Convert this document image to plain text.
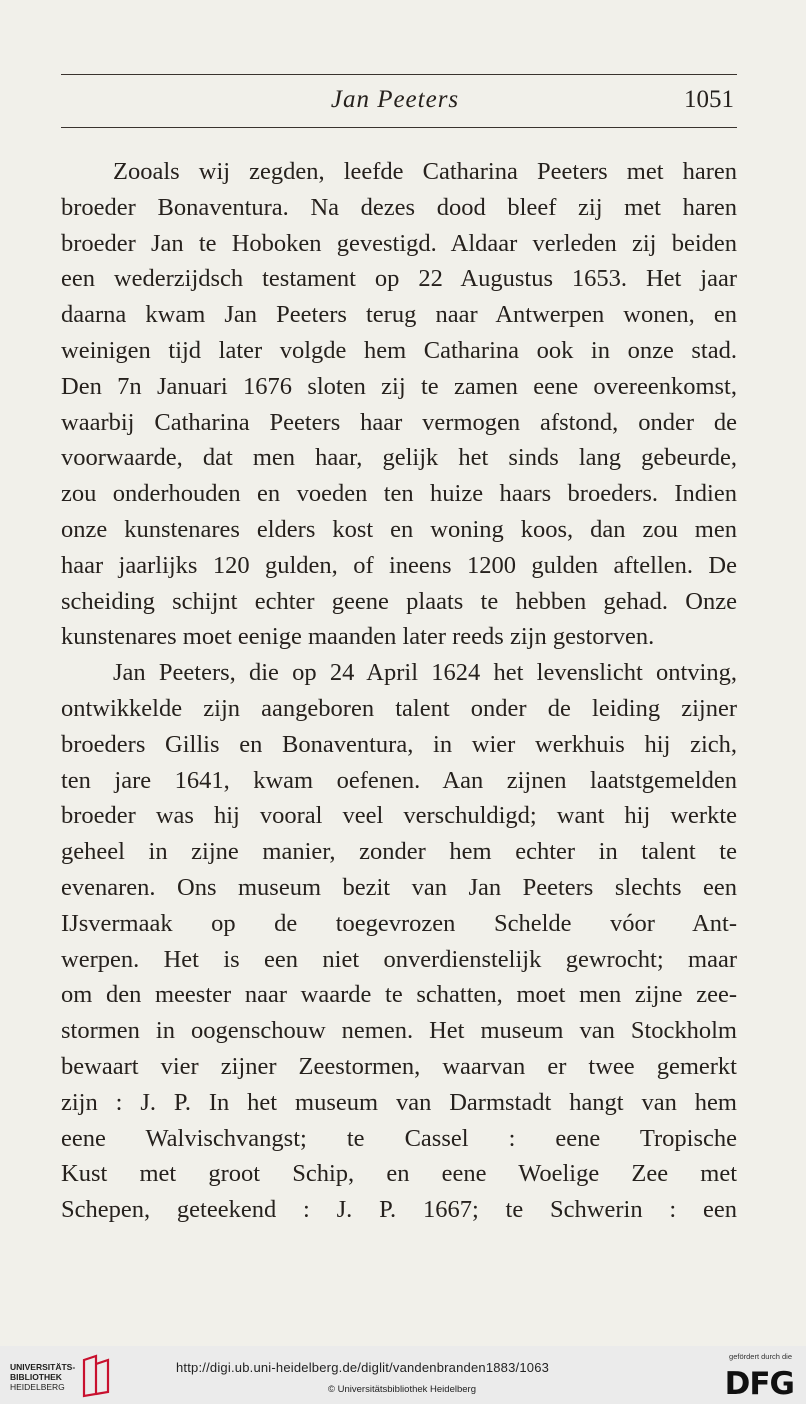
Jan Peeters	1051
Zooals wij zegden, leefde Catharina Peeters met haren
broeder Bonaventura. Na dezes dood bleef zij met haren
broeder Jan te Hoboken gevestigd. Aldaar verleden zij beiden
een wederzijdsch testament op 22 Augustus 1653. Het jaar
daarna kwam Jan Peeters terug naar Antwerpen wonen, en
weinigen tijd later volgde hem Catharina ook in onze stad.
Den 7n Januari 1676 sloten zij te zamen eene overeenkomst,
waarbij Catharina Peeters haar vermogen afstond, onder de
voorwaarde, dat men haar, gelijk het sinds lang gebeurde,
zou onderhouden en voeden ten huize haars broeders. Indien
onze kunstenares elders kost en woning koos, dan zou men
haar jaarlijks 120 gulden, of ineens 1200 gulden aftellen. De
scheiding schijnt echter geene plaats te hebben gehad. Onze
kunstenares moet eenige maanden later reeds zijn gestorven.
Jan Peeters, die op 24 April 1624 het levenslicht ontving,
ontwikkelde zijn aangeboren talent onder de leiding zijner
broeders Gillis en Bonaventura, in wier werkhuis hij zich,
ten jare 1641, kwam oefenen. Aan zijnen laatstgemelden
broeder was hij vooral veel verschuldigd; want hij werkte
geheel in zijne manier, zonder hem echter in talent te
evenaren. Ons museum bezit van Jan Peeters slechts een
IJsvermaak op de toegevrozen Schelde vóor Ant-
werpen. Het is een niet onverdienstelijk gewrocht; maar
om den meester naar waarde te schatten, moet men zijne zee-
stormen in oogenschouw nemen. Het museum van Stockholm
bewaart vier zijner Zeestormen, waarvan er twee gemerkt
zijn : J. P. In het museum van Darmstadt hangt van hem
eene Walvischvangst; te Cassel : eene Tropische
Kust met groot Schip, en eene Woelige Zee met
Schepen, geteekend : J. P. 1667; te Schwerin : een
UNIVERSITÄTS-
BIBLIOTHEK
HEIDELBERG
http://digi.ub.uni-heidelberg.de/diglit/vandenbranden1883/1063
© Universitätsbibliothek Heidelberg
gefördert durch die
DFG
